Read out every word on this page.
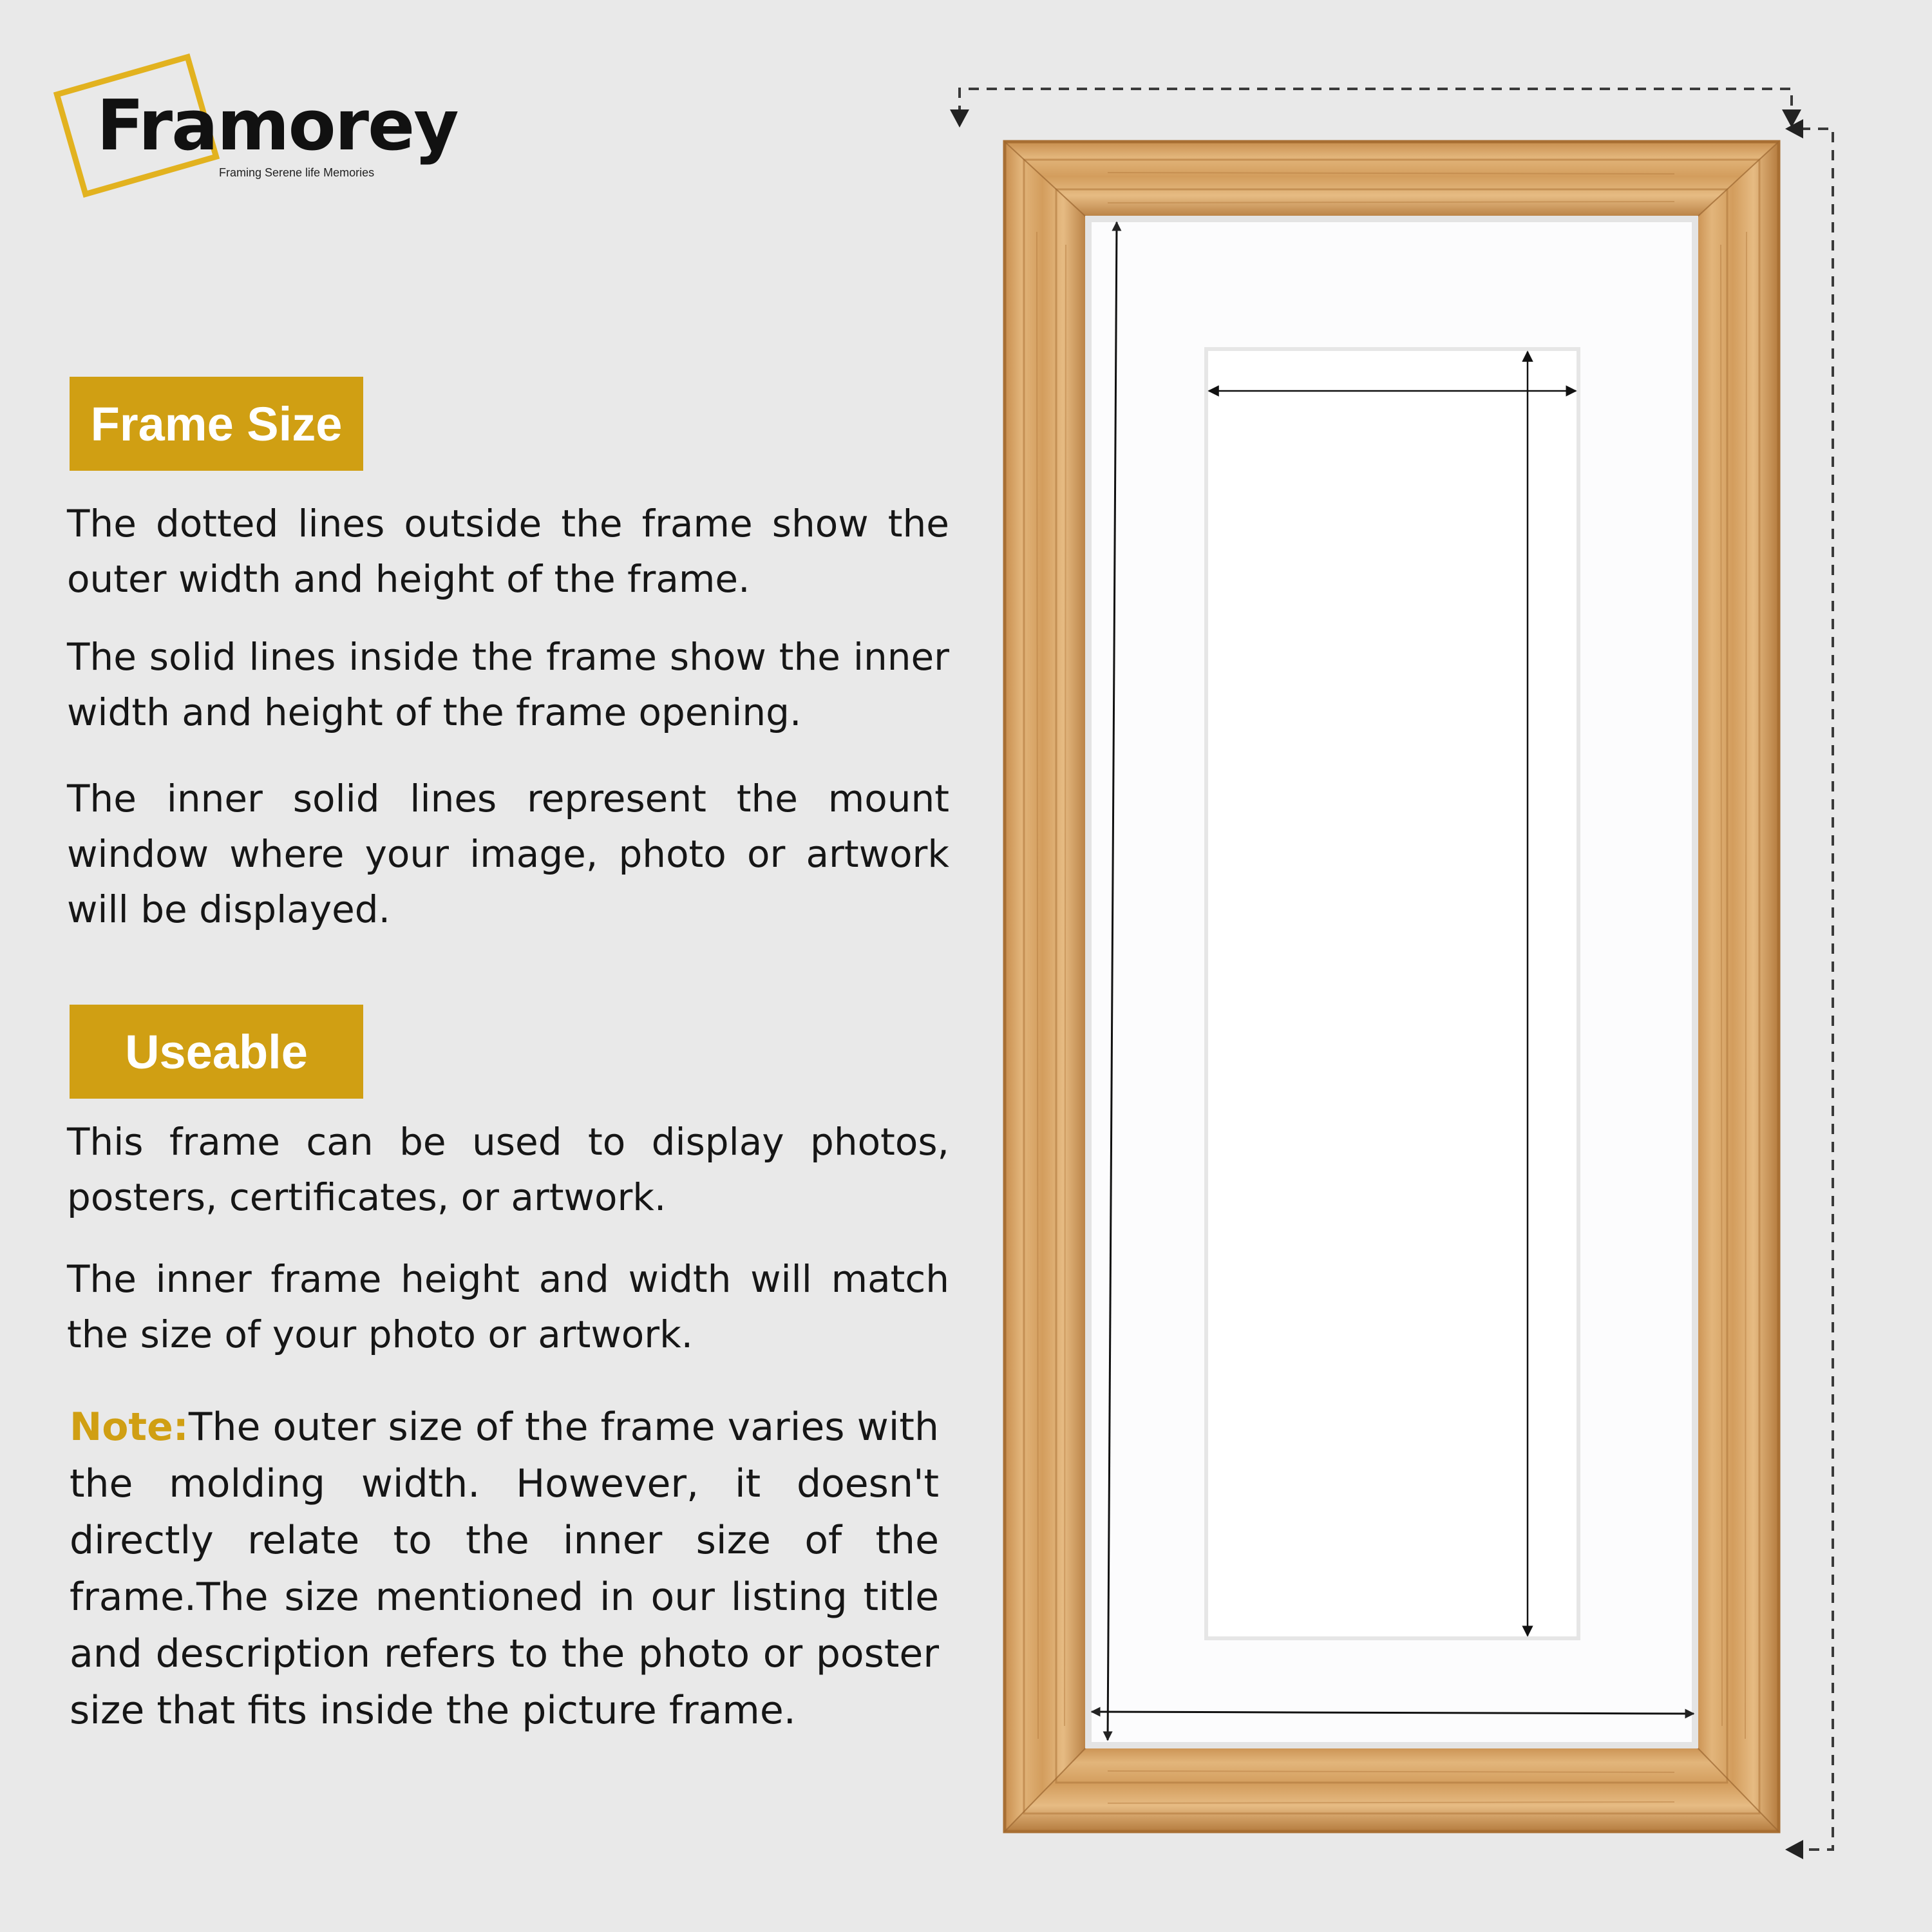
Framorey
Framing Serene life Memories
Frame Size

The dotted lines outside the frame show the outer width and height of the frame.

The solid lines inside the frame show the inner width and height of the frame opening.

The inner solid lines represent the mount window where your image, photo or artwork will be displayed.

Useable

This frame can be used to display photos, posters, certificates, or artwork.

The inner frame height and width will match the size of your photo or artwork.

Note:The outer size of the frame varies with the molding width. However, it doesn't directly relate to the inner size of the frame.The size mentioned in our listing title and description refers to the photo or poster size that fits inside the picture frame.
